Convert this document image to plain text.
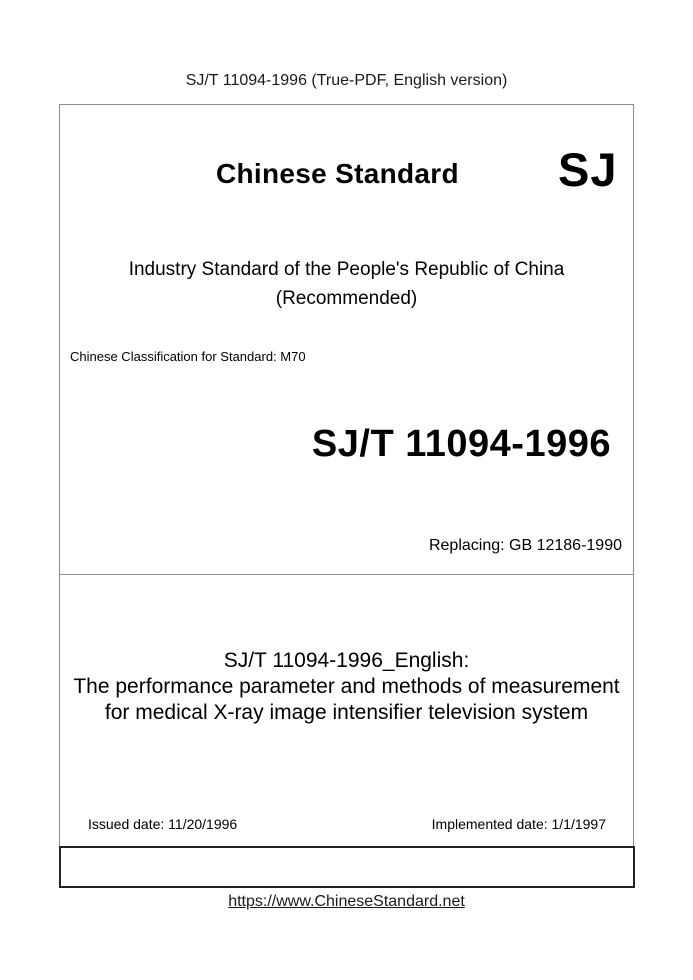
SJ/T 11094-1996 (True-PDF, English version)
Chinese Standard SJ
Industry Standard of the People's Republic of China
(Recommended)
Chinese Classification for Standard: M70
SJ/T 11094-1996
Replacing: GB 12186-1990
SJ/T 11094-1996_English:
The performance parameter and methods of measurement
for medical X-ray image intensifier television system
Issued date: 11/20/1996	Implemented date: 1/1/1997
https://www.ChineseStandard.net
